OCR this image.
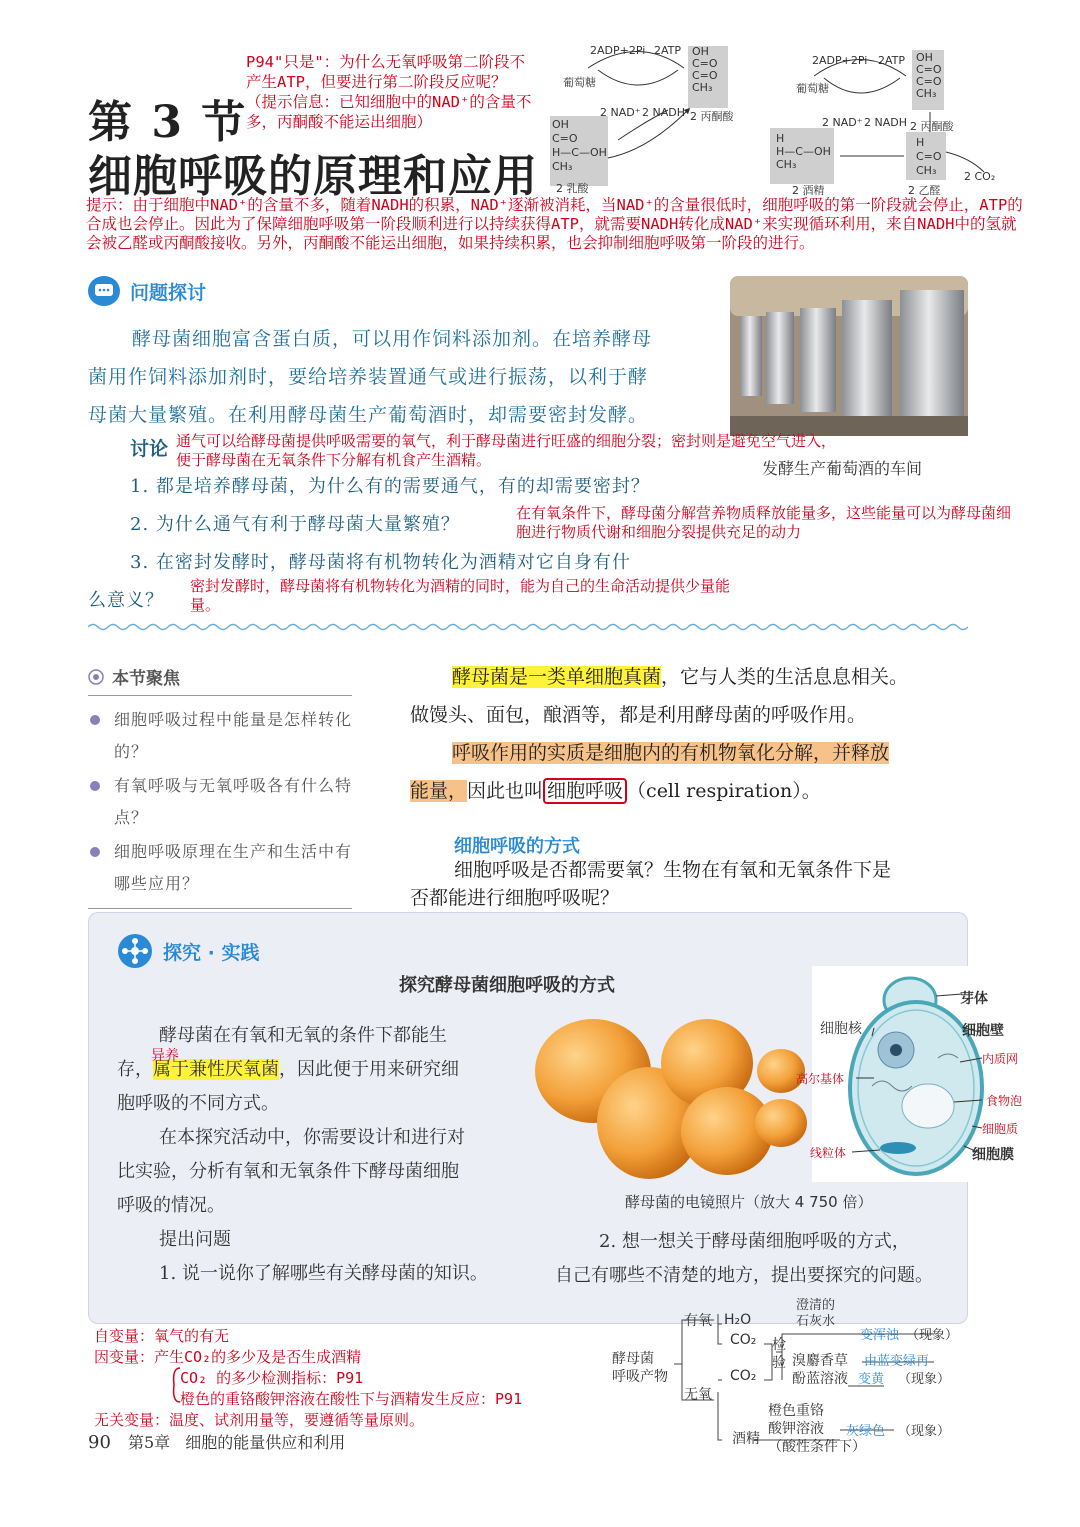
第 3 节
细胞呼吸的原理和应用
P94"只是"：为什么无氧呼吸第二阶段不产生ATP，但要进行第二阶段反应呢？（提示信息：已知细胞中的NAD⁺的含量不多，丙酮酸不能运出细胞）
2ADP+2Pi 2ATP
葡萄糖
2 NAD⁺ 2 NADH 2 丙酮酸
2 乳酸
OH
C=O
C=O
CH₃
OH
C=O
H—C—OH
CH₃
2ADP+2Pi 2ATP
葡萄糖
2 NAD⁺ 2 NADH 2 丙酮酸
2 酒精	2 乙醛
2 CO₂
OH
C=O
C=O
CH₃
H
H—C—OH
CH₃
H
C=O
CH₃
提示：由于细胞中NAD⁺的含量不多，随着NADH的积累，NAD⁺逐渐被消耗，当NAD⁺的含量很低时，细胞呼吸的第一阶段就会停止，ATP的合成也会停止。因此为了保障细胞呼吸第一阶段顺利进行以持续获得ATP，就需要NADH转化成NAD⁺来实现循环利用，来自NADH中的氢就会被乙醛或丙酮酸接收。另外，丙酮酸不能运出细胞，如果持续积累，也会抑制细胞呼吸第一阶段的进行。
问题探讨
酵母菌细胞富含蛋白质，可以用作饲料添加剂。在培养酵母
菌用作饲料添加剂时，要给培养装置通气或进行振荡，以利于酵
母菌大量繁殖。在利用酵母菌生产葡萄酒时，却需要密封发酵。
发酵生产葡萄酒的车间
讨论 通气可以给酵母菌提供呼吸需要的氧气，利于酵母菌进行旺盛的细胞分裂；密封则是避免空气进入，便于酵母菌在无氧条件下分解有机食产生酒精。
1. 都是培养酵母菌，为什么有的需要通气，有的却需要密封？
2. 为什么通气有利于酵母菌大量繁殖？
在有氧条件下，酵母菌分解营养物质释放能量多，这些能量可以为酵母菌细胞进行物质代谢和细胞分裂提供充足的动力
3. 在密封发酵时，酵母菌将有机物转化为酒精对它自身有什
么意义？
密封发酵时，酵母菌将有机物转化为酒精的同时，能为自己的生命活动提供少量能量。
本节聚焦
细胞呼吸过程中能量是怎样转化的？
有氧呼吸与无氧呼吸各有什么特点？
细胞呼吸原理在生产和生活中有哪些应用？
酵母菌是一类单细胞真菌，它与人类的生活息息相关。
做馒头、面包，酿酒等，都是利用酵母菌的呼吸作用。
呼吸作用的实质是细胞内的有机物氧化分解，并释放
能量，因此也叫 细胞呼吸 （cell respiration）。
细胞呼吸的方式
细胞呼吸是否都需要氧？生物在有氧和无氧条件下是
否都能进行细胞呼吸呢？
探究 · 实践
探究酵母菌细胞呼吸的方式
酵母菌在有氧和无氧的条件下都能生
存，属于兼性厌氧菌，因此便于用来研究细
异养
胞呼吸的不同方式。
在本探究活动中，你需要设计和进行对
比实验，分析有氧和无氧条件下酵母菌细胞
呼吸的情况。
提出问题
1. 说一说你了解哪些有关酵母菌的知识。
酵母菌的电镜照片（放大 4 750 倍）
2. 想一想关于酵母菌细胞呼吸的方式，
自己有哪些不清楚的地方，提出要探究的问题。
芽体
细胞核	细胞壁
内质网
高尔基体
食物泡
细胞质
线粒体	细胞膜
自变量：氧气的有无
因变量：产生CO₂的多少及是否生成酒精
CO₂ 的多少检测指标：P91
橙色的重铬酸钾溶液在酸性下与酒精发生反应：P91
无关变量：温度、试剂用量等，要遵循等量原则。
酵母菌
呼吸产物
有氧
无氧
H₂O
CO₂
CO₂
酒精
检
验
澄清的
石灰水
变浑浊 （现象）
溴麝香草
酚蓝溶液
由蓝变绿再
变黄 （现象）
橙色重铬
酸钾溶液
（酸性条件下）
灰绿色 （现象）
90 第5章 细胞的能量供应和利用
